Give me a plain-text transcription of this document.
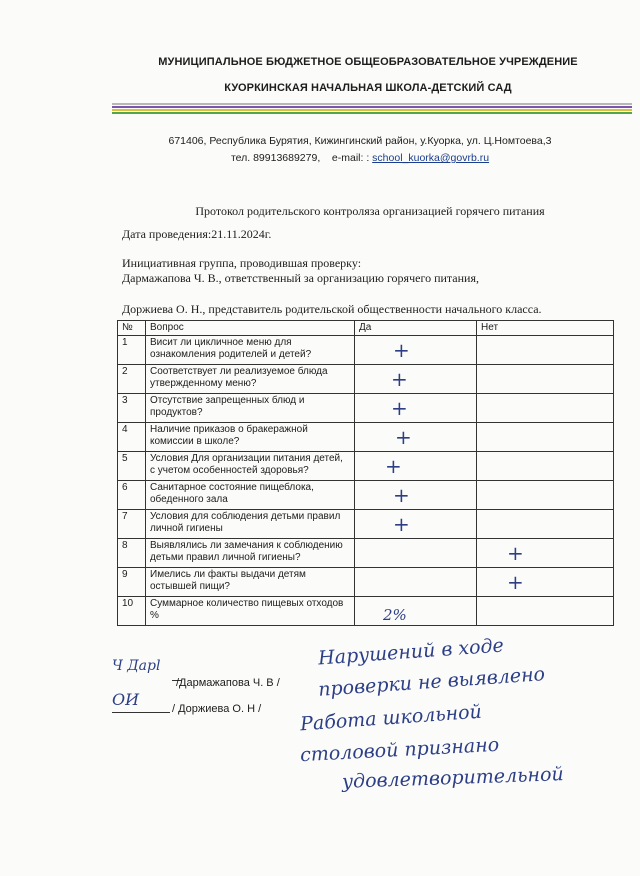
МУНИЦИПАЛЬНОЕ БЮДЖЕТНОЕ ОБЩЕОБРАЗОВАТЕЛЬНОЕ УЧРЕЖДЕНИЕ
КУОРКИНСКАЯ НАЧАЛЬНАЯ ШКОЛА-ДЕТСКИЙ САД
671406, Республика Бурятия, Кижингинский район, у.Куорка, ул. Ц.Номтоева,3
тел. 89913689279, e-mail: : school_kuorka@govrb.ru
Протокол родительского контроляза организацией горячего питания
Дата проведения:21.11.2024г.
Инициативная группа, проводившая проверку:
Дармажапова Ч. В., ответственный за организацию горячего питания,
Доржиева О. Н., представитель родительской общественности начального класса.
№	Вопрос	Да	Нет
1	Висит ли цикличное меню для ознакомления родителей и детей?	+	

2	Соответствует ли реализуемое блюда утвержденному меню?	+	

3	Отсутствие запрещенных блюд и продуктов?	+	

4	Наличие приказов о бракеражной комиссии в школе?	+	

5	Условия Для организации питания детей, с учетом особенностей здоровья?	+	

6	Санитарное состояние пищеблока, обеденного зала	+	

7	Условия для соблюдения детьми правил личной гигиены	+	

8	Выявлялись ли замечания к соблюдению детьми правил личной гигиены?		+

9	Имелись ли факты выдачи детям остывшей пищи?		+

10	Суммарное количество пищевых отходов %	2%	

Ч Дарl
/Дармажапова Ч. В /
ОИ	/ Доржиева О. Н /
Нарушений в ходе
проверки не выявлено
Работа школьной
столовой признано
удовлетворительной
